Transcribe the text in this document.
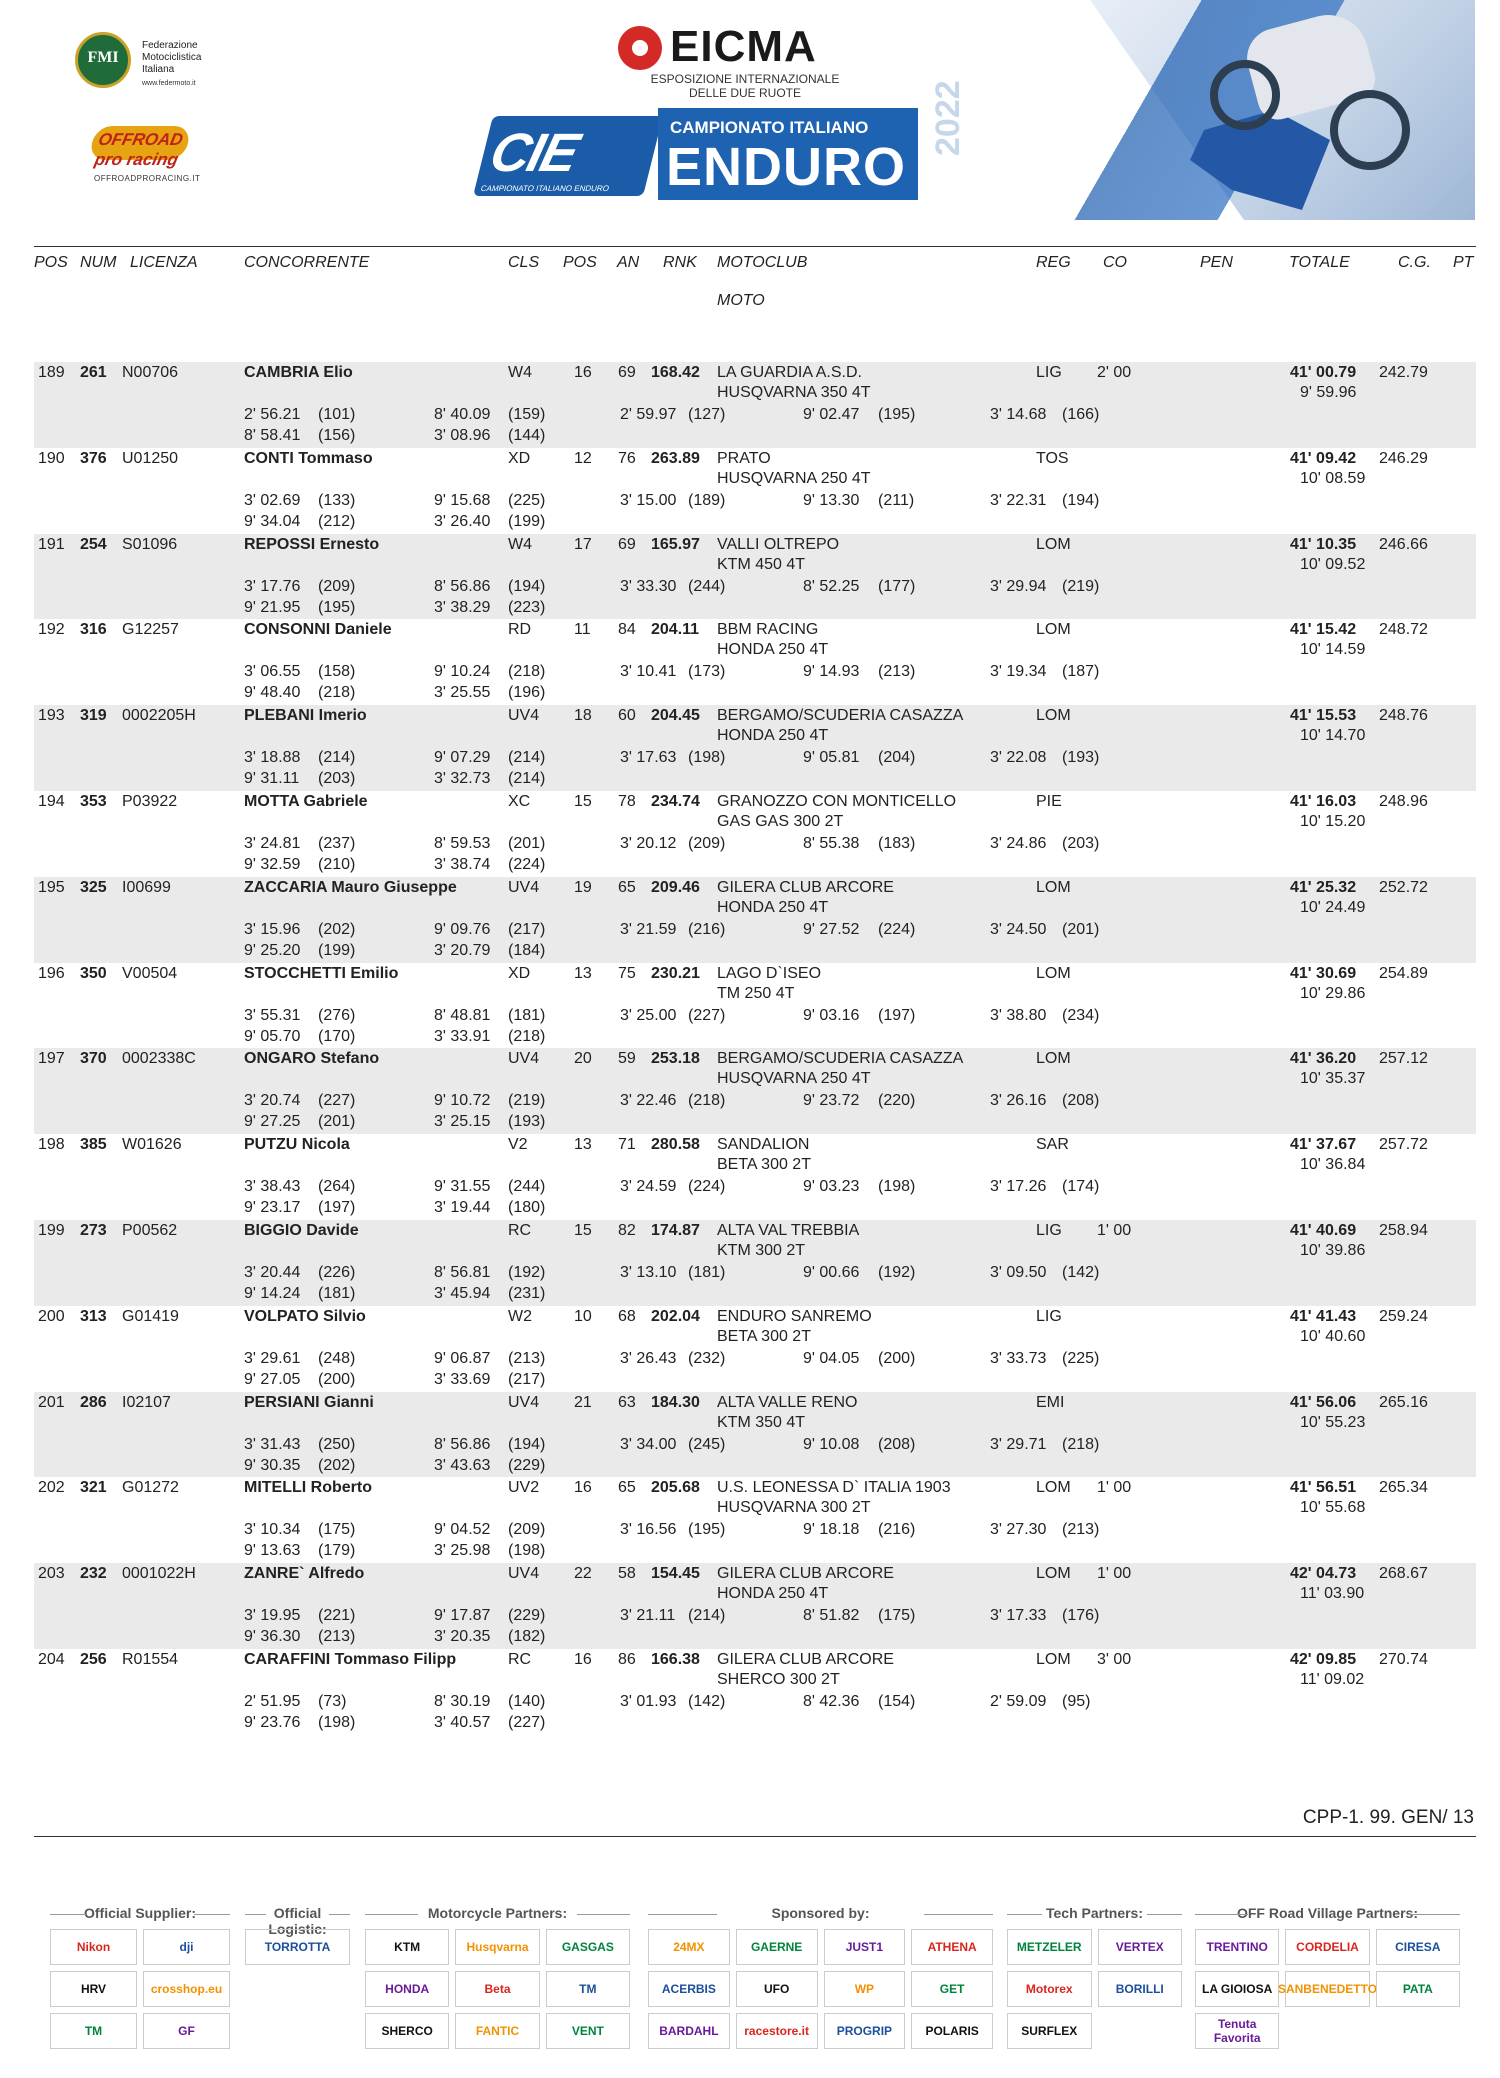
FMI
Federazione
Motociclistica
Italiana
www.federmoto.it
OFFROAD pro racing
OFFROADPRORACING.IT
EICMA
ESPOSIZIONE INTERNAZIONALE
DELLE DUE RUOTE
CIE
CAMPIONATO ITALIANO ENDURO
CAMPIONATO ITALIANO
ENDURO
2022
POS NUM LICENZA	CONCORRENTE	CLS POS AN RNK MOTOCLUB
MOTO
REG CO	PEN	TOTALE	C.G. PT
189 261 N00706	CAMBRIA Elio	W4	16 69 168.42 LA GUARDIA A.S.D.	LIG 2' 00	41' 00.79 242.79
HUSQVARNA 350 4T	9' 59.96
2' 56.21 (101)	8' 40.09 (159)	2' 59.97 (127)	9' 02.47 (195)	3' 14.68 (166)
8' 58.41 (156)	3' 08.96 (144)
190 376 U01250	CONTI Tommaso	XD	12 76 263.89 PRATO	TOS	41' 09.42 246.29
HUSQVARNA 250 4T	10' 08.59
3' 02.69 (133)	9' 15.68 (225)	3' 15.00 (189)	9' 13.30 (211)	3' 22.31 (194)
9' 34.04 (212)	3' 26.40 (199)
191 254 S01096	REPOSSI Ernesto	W4	17 69 165.97 VALLI OLTREPO	LOM	41' 10.35 246.66
KTM 450 4T	10' 09.52
3' 17.76 (209)	8' 56.86 (194)	3' 33.30 (244)	8' 52.25 (177)	3' 29.94 (219)
9' 21.95 (195)	3' 38.29 (223)
192 316 G12257	CONSONNI Daniele	RD	11 84 204.11 BBM RACING	LOM	41' 15.42 248.72
HONDA 250 4T	10' 14.59
3' 06.55 (158)	9' 10.24 (218)	3' 10.41 (173)	9' 14.93 (213)	3' 19.34 (187)
9' 48.40 (218)	3' 25.55 (196)
193 319 0002205H	PLEBANI Imerio	UV4 18 60 204.45 BERGAMO/SCUDERIA CASAZZA	LOM	41' 15.53 248.76
HONDA 250 4T	10' 14.70
3' 18.88 (214)	9' 07.29 (214)	3' 17.63 (198)	9' 05.81 (204)	3' 22.08 (193)
9' 31.11 (203)	3' 32.73 (214)
194 353 P03922	MOTTA Gabriele	XC	15 78 234.74 GRANOZZO CON MONTICELLO	PIE	41' 16.03 248.96
GAS GAS 300 2T	10' 15.20
3' 24.81 (237)	8' 59.53 (201)	3' 20.12 (209)	8' 55.38 (183)	3' 24.86 (203)
9' 32.59 (210)	3' 38.74 (224)
195 325 I00699	ZACCARIA Mauro Giuseppe	UV4 19 65 209.46 GILERA CLUB ARCORE	LOM	41' 25.32 252.72
HONDA 250 4T	10' 24.49
3' 15.96 (202)	9' 09.76 (217)	3' 21.59 (216)	9' 27.52 (224)	3' 24.50 (201)
9' 25.20 (199)	3' 20.79 (184)
196 350 V00504	STOCCHETTI Emilio	XD	13 75 230.21 LAGO D`ISEO	LOM	41' 30.69 254.89
TM 250 4T	10' 29.86
3' 55.31 (276)	8' 48.81 (181)	3' 25.00 (227)	9' 03.16 (197)	3' 38.80 (234)
9' 05.70 (170)	3' 33.91 (218)
197 370 0002338C	ONGARO Stefano	UV4 20 59 253.18 BERGAMO/SCUDERIA CASAZZA	LOM	41' 36.20 257.12
HUSQVARNA 250 4T	10' 35.37
3' 20.74 (227)	9' 10.72 (219)	3' 22.46 (218)	9' 23.72 (220)	3' 26.16 (208)
9' 27.25 (201)	3' 25.15 (193)
198 385 W01626	PUTZU Nicola	V2	13 71 280.58 SANDALION	SAR	41' 37.67 257.72
BETA 300 2T	10' 36.84
3' 38.43 (264)	9' 31.55 (244)	3' 24.59 (224)	9' 03.23 (198)	3' 17.26 (174)
9' 23.17 (197)	3' 19.44 (180)
199 273 P00562	BIGGIO Davide	RC	15 82 174.87 ALTA VAL TREBBIA	LIG 1' 00	41' 40.69 258.94
KTM 300 2T	10' 39.86
3' 20.44 (226)	8' 56.81 (192)	3' 13.10 (181)	9' 00.66 (192)	3' 09.50 (142)
9' 14.24 (181)	3' 45.94 (231)
200 313 G01419	VOLPATO Silvio	W2	10 68 202.04 ENDURO SANREMO	LIG	41' 41.43 259.24
BETA 300 2T	10' 40.60
3' 29.61 (248)	9' 06.87 (213)	3' 26.43 (232)	9' 04.05 (200)	3' 33.73 (225)
9' 27.05 (200)	3' 33.69 (217)
201 286 I02107	PERSIANI Gianni	UV4 21 63 184.30 ALTA VALLE RENO	EMI	41' 56.06 265.16
KTM 350 4T	10' 55.23
3' 31.43 (250)	8' 56.86 (194)	3' 34.00 (245)	9' 10.08 (208)	3' 29.71 (218)
9' 30.35 (202)	3' 43.63 (229)
202 321 G01272	MITELLI Roberto	UV2 16 65 205.68 U.S. LEONESSA D` ITALIA 1903	LOM 1' 00	41' 56.51 265.34
HUSQVARNA 300 2T	10' 55.68
3' 10.34 (175)	9' 04.52 (209)	3' 16.56 (195)	9' 18.18 (216)	3' 27.30 (213)
9' 13.63 (179)	3' 25.98 (198)
203 232 0001022H	ZANRE` Alfredo	UV4 22 58 154.45 GILERA CLUB ARCORE	LOM 1' 00	42' 04.73 268.67
HONDA 250 4T	11' 03.90
3' 19.95 (221)	9' 17.87 (229)	3' 21.11 (214)	8' 51.82 (175)	3' 17.33 (176)
9' 36.30 (213)	3' 20.35 (182)
204 256 R01554	CARAFFINI Tommaso Filipp	RC	16 86 166.38 GILERA CLUB ARCORE	LOM 3' 00	42' 09.85 270.74
SHERCO 300 2T	11' 09.02
2' 51.95 (73)	8' 30.19 (140)	3' 01.93 (142)	8' 42.36 (154)	2' 59.09 (95)
9' 23.76 (198)	3' 40.57 (227)
CPP-1. 99. GEN/ 13
Official Supplier:
Nikon	dji
HRV	crosshop.eu
TM	GF
Official Logistic:
TORROTTA
Motorcycle Partners:
KTM	Husqvarna	GASGAS
HONDA	Beta	TM
SHERCO	FANTIC	VENT
Sponsored by:
24MX	GAERNE	JUST1	ATHENA
ACERBIS	UFO	WP	GET
BARDAHL	racestore.it	PROGRIP	POLARIS
Tech Partners:
METZELER	VERTEX
Motorex	BORILLI
SURFLEX
OFF Road Village Partners:
TRENTINO	CORDELIA	CIRESA
LA GIOIOSA SANBENEDETTO	PATA
Tenuta Favorita
